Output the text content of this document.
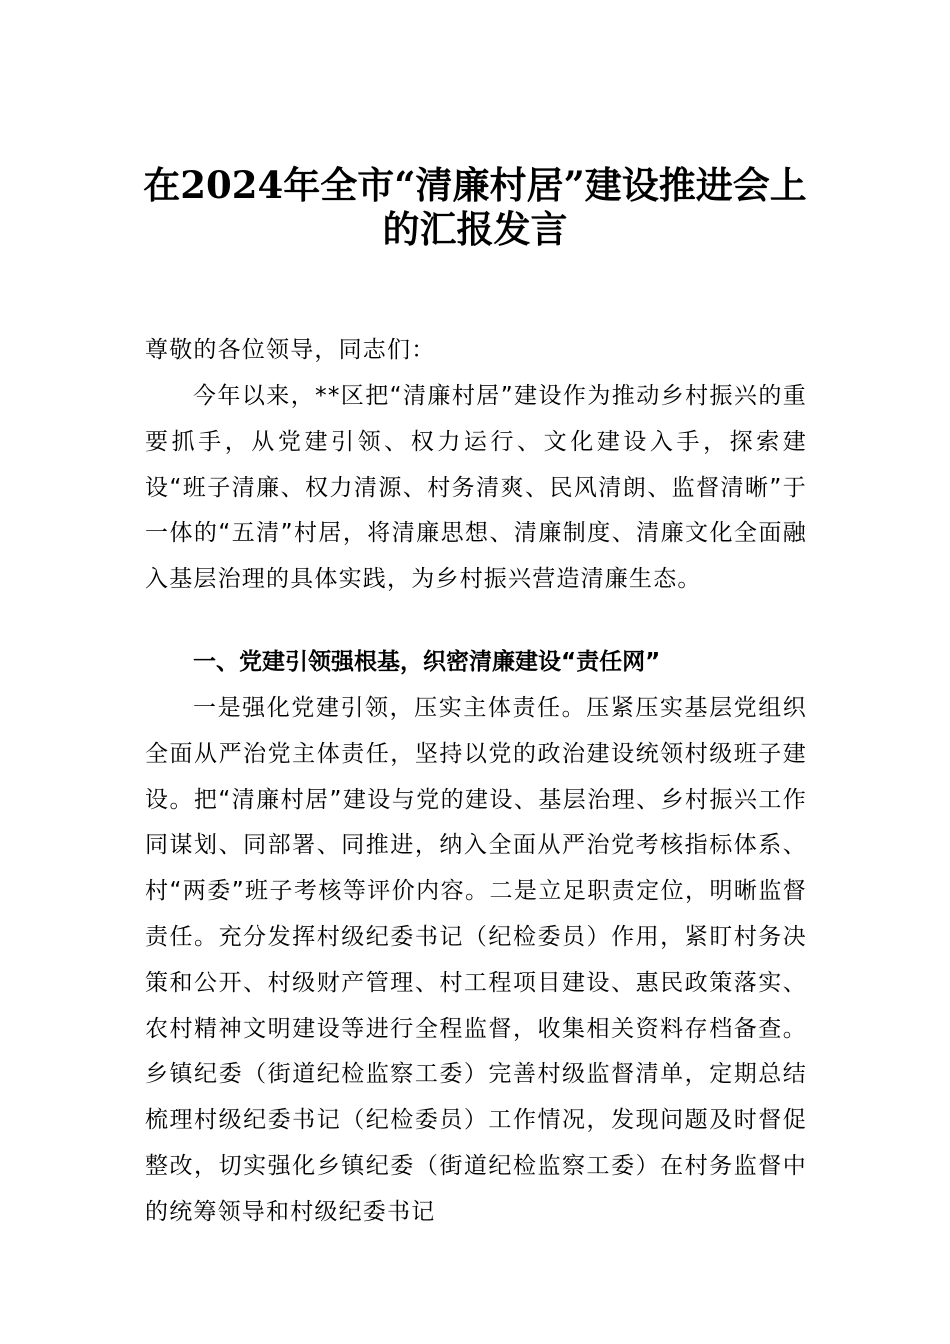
在2024年全市“清廉村居”建设推进会上
的汇报发言
尊敬的各位领导，同志们：

今年以来，**区把“清廉村居”建设作为推动乡村振兴的重要抓手，从党建引领、权力运行、文化建设入手，探索建设“班子清廉、权力清源、村务清爽、民风清朗、监督清晰”于一体的“五清”村居，将清廉思想、清廉制度、清廉文化全面融入基层治理的具体实践，为乡村振兴营造清廉生态。

一、党建引领强根基，织密清廉建设“责任网”

一是强化党建引领，压实主体责任。压紧压实基层党组织全面从严治党主体责任，坚持以党的政治建设统领村级班子建设。把“清廉村居”建设与党的建设、基层治理、乡村振兴工作同谋划、同部署、同推进，纳入全面从严治党考核指标体系、村“两委”班子考核等评价内容。二是立足职责定位，明晰监督责任。充分发挥村级纪委书记（纪检委员）作用，紧盯村务决策和公开、村级财产管理、村工程项目建设、惠民政策落实、农村精神文明建设等进行全程监督，收集相关资料存档备查。乡镇纪委（街道纪检监察工委）完善村级监督清单，定期总结梳理村级纪委书记（纪检委员）工作情况，发现问题及时督促整改，切实强化乡镇纪委（街道纪检监察工委）在村务监督中的统筹领导和村级纪委书记
